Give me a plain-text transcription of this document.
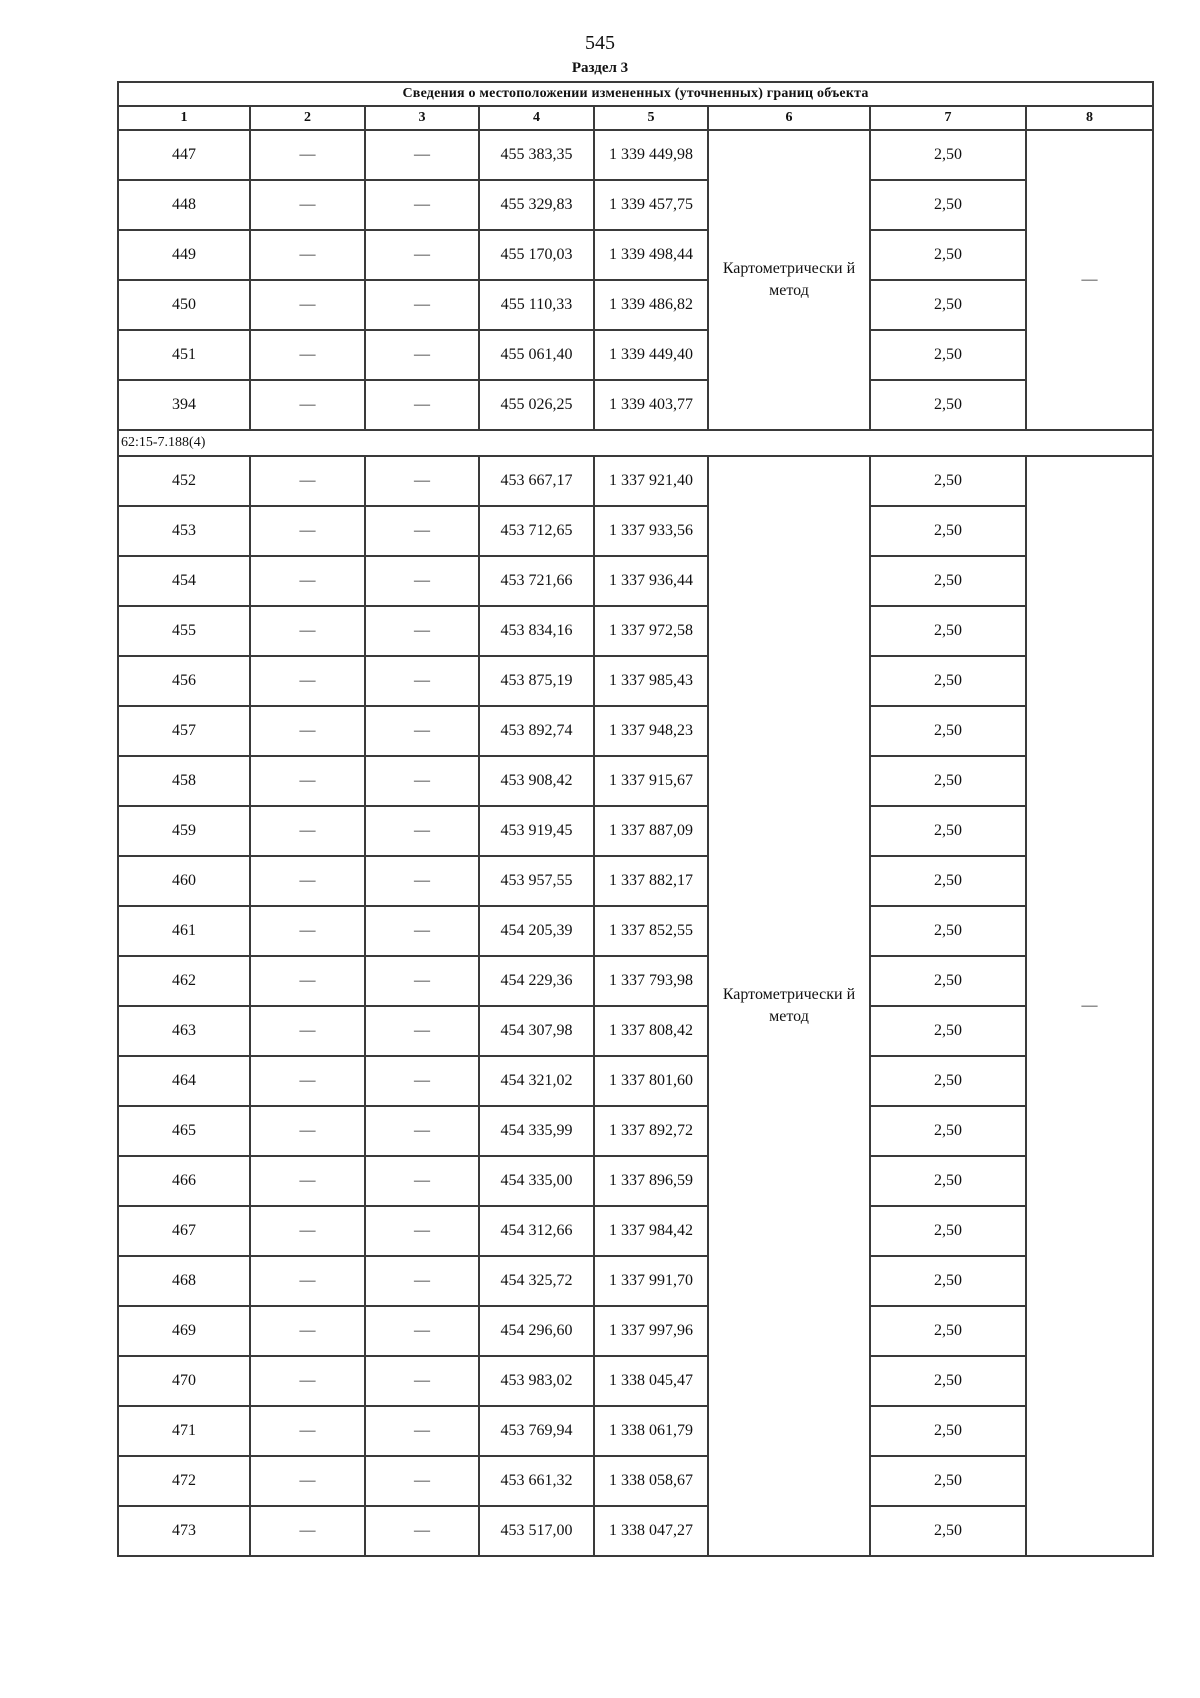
545
Раздел 3
Сведения о местоположении измененных (уточненных) границ объекта							
1	2	3	4	5	6	7	8
447	—	—	455 383,35	1 339 449,98	Картометрически й метод	2,50	—
448	—	—	455 329,83	1 339 457,75		2,50	
449	—	—	455 170,03	1 339 498,44		2,50	
450	—	—	455 110,33	1 339 486,82		2,50	
451	—	—	455 061,40	1 339 449,40		2,50	
394	—	—	455 026,25	1 339 403,77		2,50	
62:15-7.188(4)							
452	—	—	453 667,17	1 337 921,40	Картометрически й метод	2,50	—
453	—	—	453 712,65	1 337 933,56		2,50	
454	—	—	453 721,66	1 337 936,44		2,50	
455	—	—	453 834,16	1 337 972,58		2,50	
456	—	—	453 875,19	1 337 985,43		2,50	
457	—	—	453 892,74	1 337 948,23		2,50	
458	—	—	453 908,42	1 337 915,67		2,50	
459	—	—	453 919,45	1 337 887,09		2,50	
460	—	—	453 957,55	1 337 882,17		2,50	
461	—	—	454 205,39	1 337 852,55		2,50	
462	—	—	454 229,36	1 337 793,98		2,50	
463	—	—	454 307,98	1 337 808,42		2,50	
464	—	—	454 321,02	1 337 801,60		2,50	
465	—	—	454 335,99	1 337 892,72		2,50	
466	—	—	454 335,00	1 337 896,59		2,50	
467	—	—	454 312,66	1 337 984,42		2,50	
468	—	—	454 325,72	1 337 991,70		2,50	
469	—	—	454 296,60	1 337 997,96		2,50	
470	—	—	453 983,02	1 338 045,47		2,50	
471	—	—	453 769,94	1 338 061,79		2,50	
472	—	—	453 661,32	1 338 058,67		2,50	
473	—	—	453 517,00	1 338 047,27		2,50	
